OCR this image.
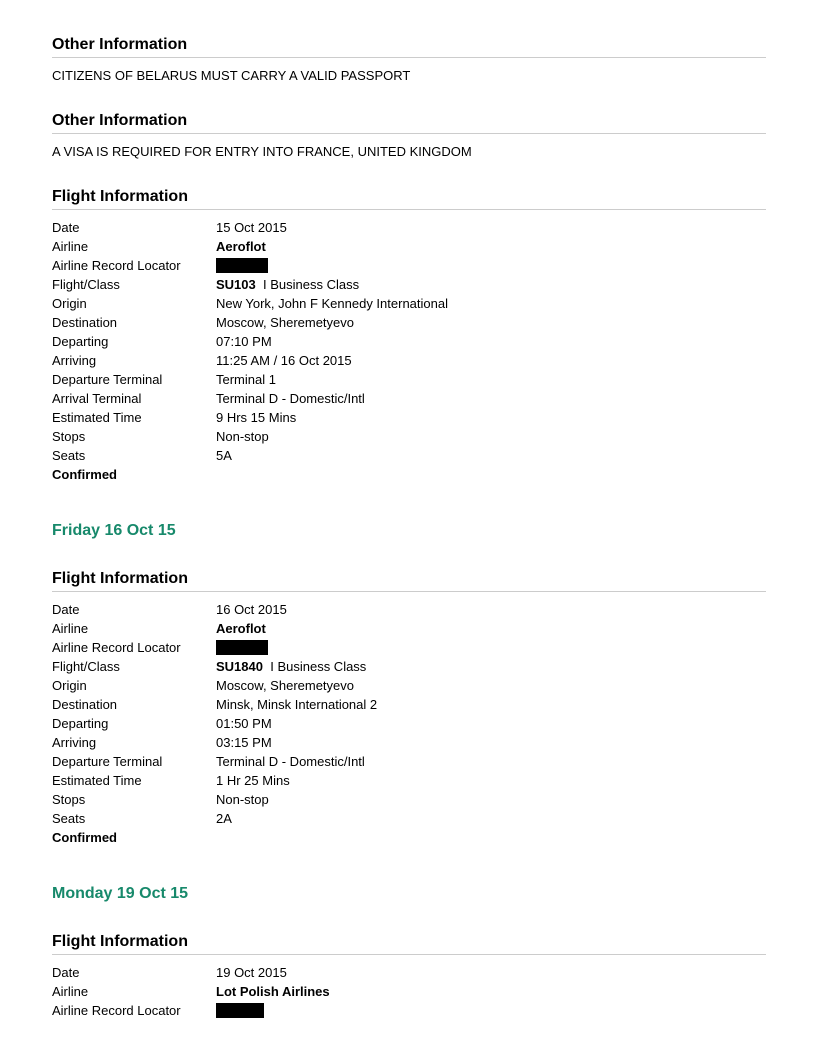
Other Information

CITIZENS OF BELARUS MUST CARRY A VALID PASSPORT

Other Information

A VISA IS REQUIRED FOR ENTRY INTO FRANCE, UNITED KINGDOM

Flight Information
Date	15 Oct 2015
Airline	Aeroflot
Airline Record Locator
Flight/Class	SU103 I Business Class
Origin	New York, John F Kennedy International
Destination	Moscow, Sheremetyevo
Departing	07:10 PM
Arriving	11:25 AM / 16 Oct 2015
Departure Terminal	Terminal 1
Arrival Terminal	Terminal D - Domestic/Intl
Estimated Time	9 Hrs 15 Mins
Stops	Non-stop
Seats	5A
Confirmed
Friday 16 Oct 15
Flight Information
Date	16 Oct 2015
Airline	Aeroflot
Airline Record Locator
Flight/Class	SU1840 I Business Class
Origin	Moscow, Sheremetyevo
Destination	Minsk, Minsk International 2
Departing	01:50 PM
Arriving	03:15 PM
Departure Terminal	Terminal D - Domestic/Intl
Estimated Time	1 Hr 25 Mins
Stops	Non-stop
Seats	2A
Confirmed
Monday 19 Oct 15
Flight Information
Date	19 Oct 2015
Airline	Lot Polish Airlines
Airline Record Locator
